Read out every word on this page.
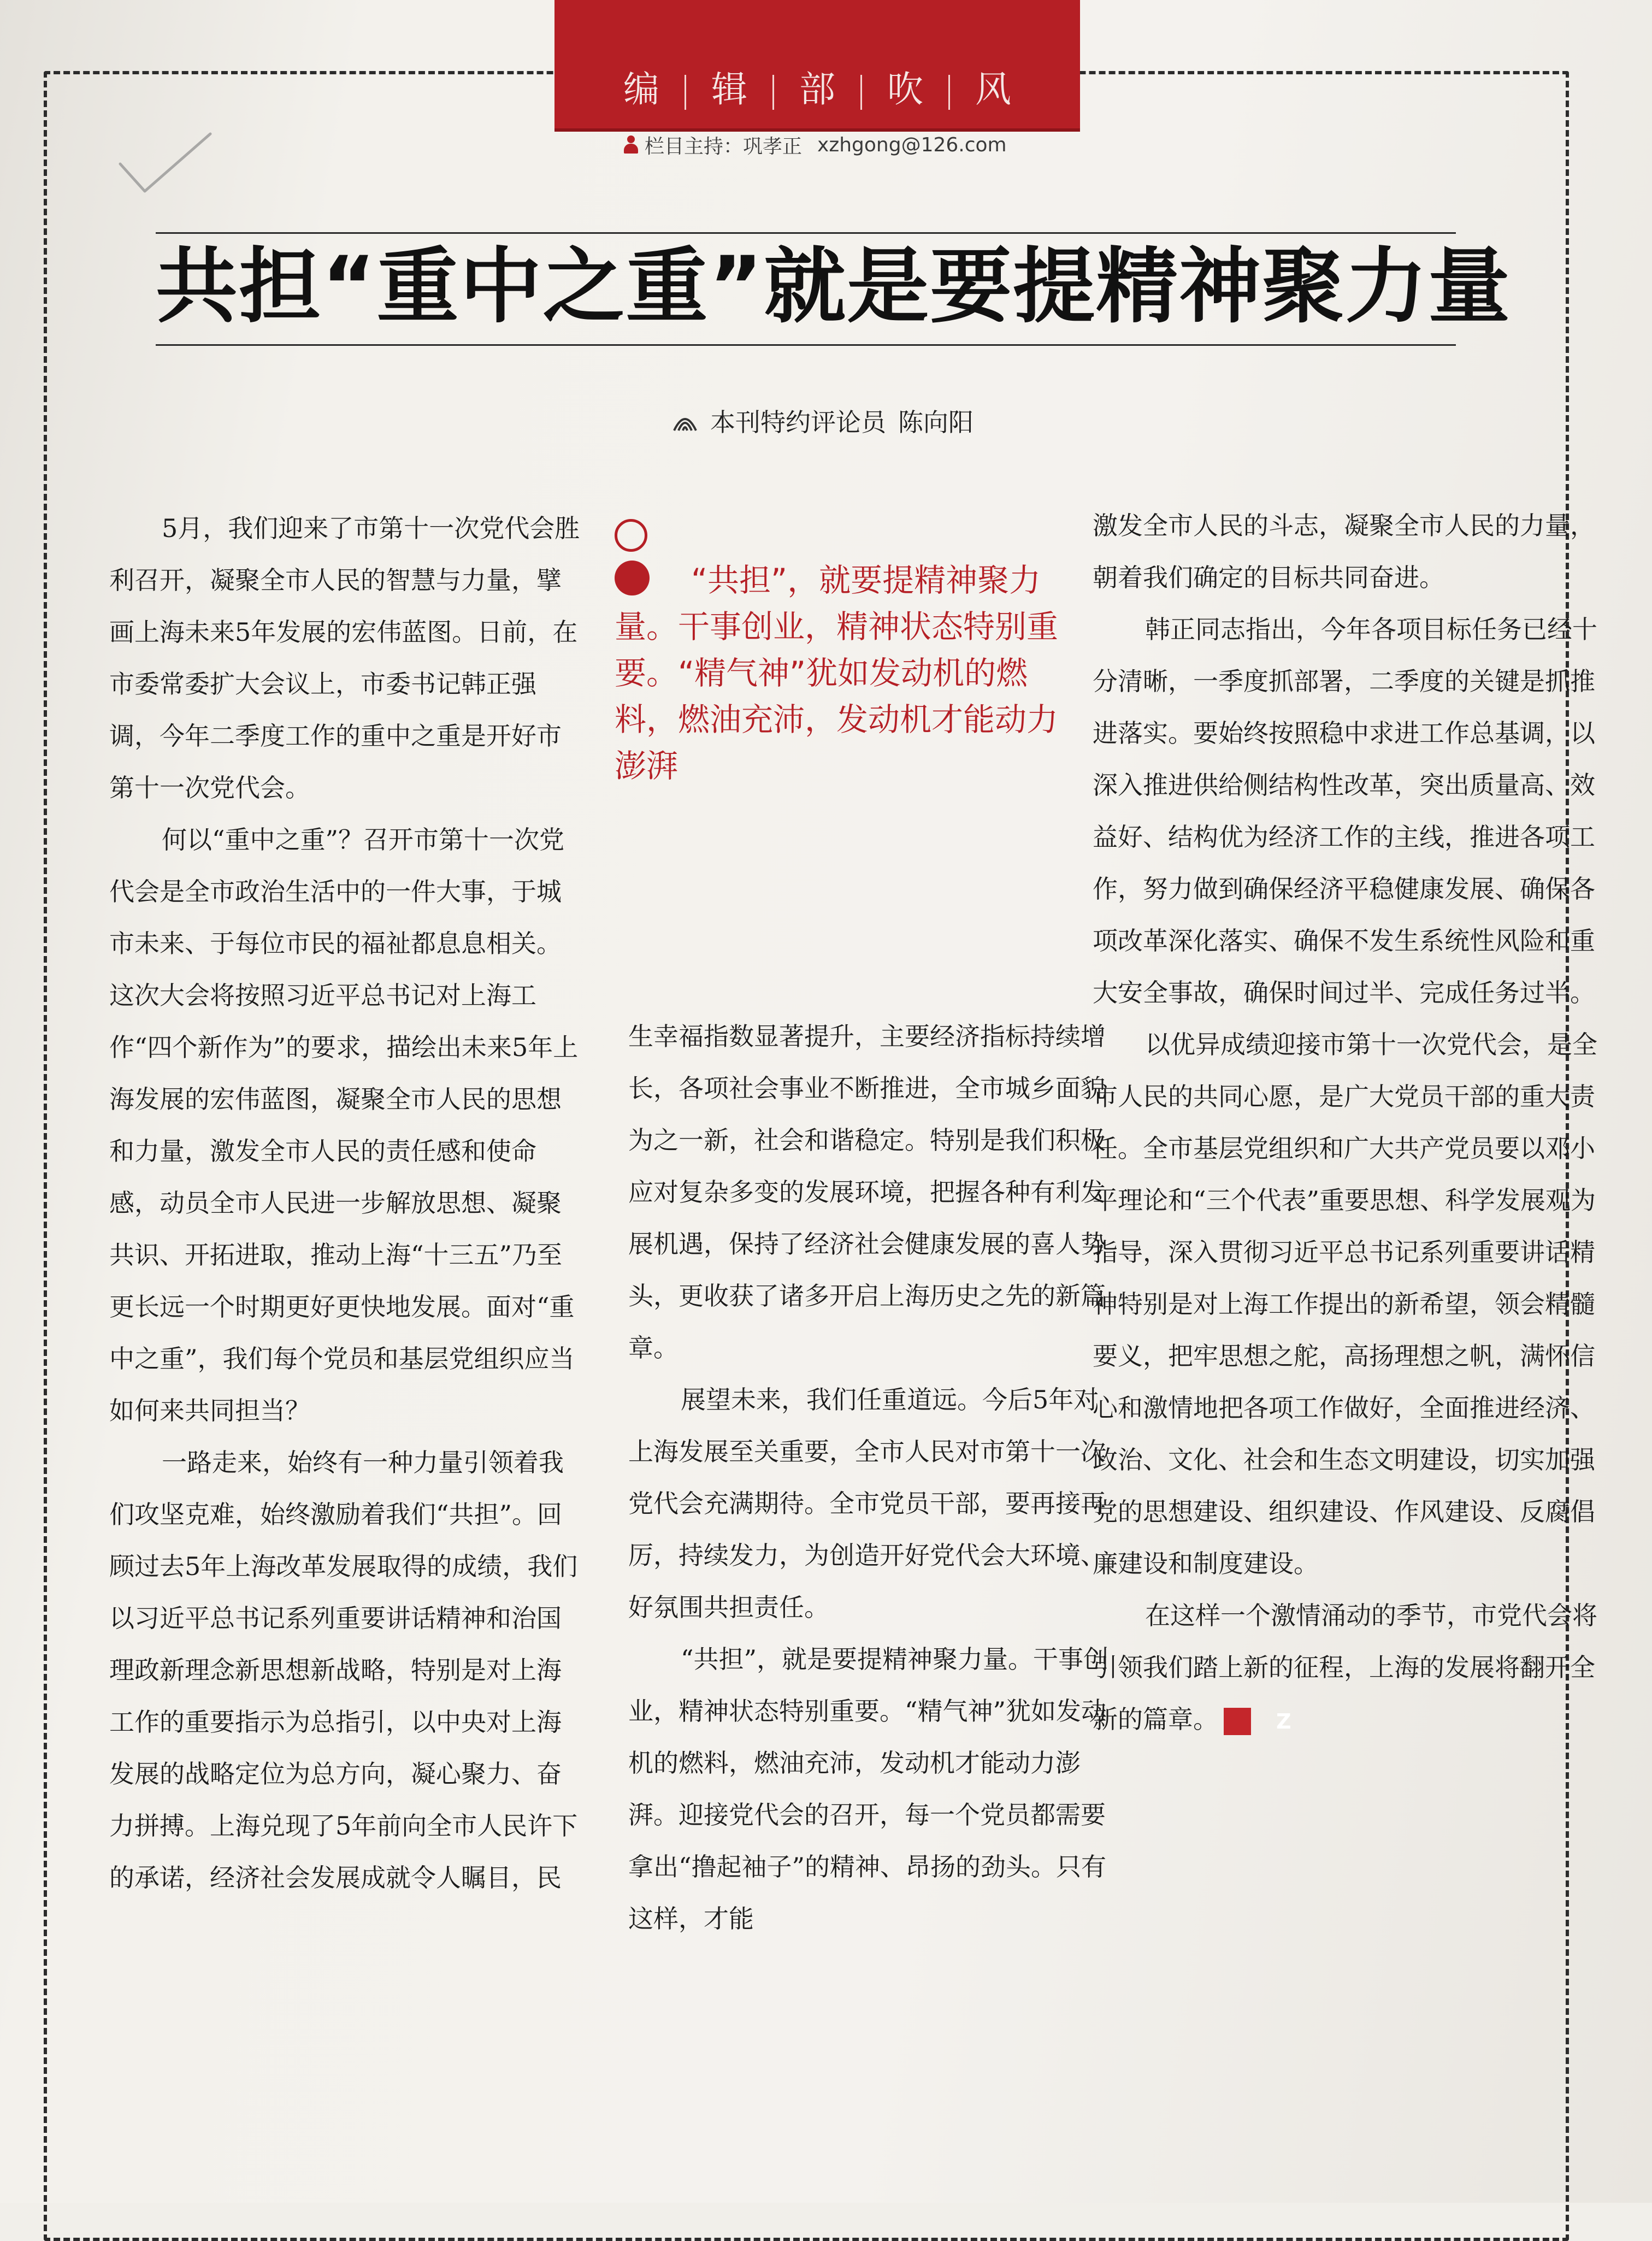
编 辑 部 吹 风
栏目主持：巩孝正 xzhgong@126.com
共担“重中之重”就是要提精神聚力量
本刊特约评论员 陈向阳

5月，我们迎来了市第十一次党代会胜利召开，凝聚全市人民的智慧与力量，擘画上海未来5年发展的宏伟蓝图。日前，在市委常委扩大会议上，市委书记韩正强调，今年二季度工作的重中之重是开好市第十一次党代会。

何以“重中之重”？召开市第十一次党代会是全市政治生活中的一件大事，于城市未来、于每位市民的福祉都息息相关。这次大会将按照习近平总书记对上海工作“四个新作为”的要求，描绘出未来5年上海发展的宏伟蓝图，凝聚全市人民的思想和力量，激发全市人民的责任感和使命感，动员全市人民进一步解放思想、凝聚共识、开拓进取，推动上海“十三五”乃至更长远一个时期更好更快地发展。面对“重中之重”，我们每个党员和基层党组织应当如何来共同担当？

一路走来，始终有一种力量引领着我们攻坚克难，始终激励着我们“共担”。回顾过去5年上海改革发展取得的成绩，我们以习近平总书记系列重要讲话精神和治国理政新理念新思想新战略，特别是对上海工作的重要指示为总指引，以中央对上海发展的战略定位为总方向，凝心聚力、奋力拼搏。上海兑现了5年前向全市人民许下的承诺，经济社会发展成就令人瞩目，民

“共担”，就要提精神聚力量。干事创业，精神状态特别重要。“精气神”犹如发动机的燃料，燃油充沛，发动机才能动力澎湃

生幸福指数显著提升，主要经济指标持续增长，各项社会事业不断推进，全市城乡面貌为之一新，社会和谐稳定。特别是我们积极应对复杂多变的发展环境，把握各种有利发展机遇，保持了经济社会健康发展的喜人势头，更收获了诸多开启上海历史之先的新篇章。

展望未来，我们任重道远。今后5年对上海发展至关重要，全市人民对市第十一次党代会充满期待。全市党员干部，要再接再厉，持续发力，为创造开好党代会大环境、好氛围共担责任。

“共担”，就是要提精神聚力量。干事创业，精神状态特别重要。“精气神”犹如发动机的燃料，燃油充沛，发动机才能动力澎湃。迎接党代会的召开，每一个党员都需要拿出“撸起袖子”的精神、昂扬的劲头。只有这样，才能

激发全市人民的斗志，凝聚全市人民的力量，朝着我们确定的目标共同奋进。

韩正同志指出，今年各项目标任务已经十分清晰，一季度抓部署，二季度的关键是抓推进落实。要始终按照稳中求进工作总基调，以深入推进供给侧结构性改革，突出质量高、效益好、结构优为经济工作的主线，推进各项工作，努力做到确保经济平稳健康发展、确保各项改革深化落实、确保不发生系统性风险和重大安全事故，确保时间过半、完成任务过半。

以优异成绩迎接市第十一次党代会，是全市人民的共同心愿，是广大党员干部的重大责任。全市基层党组织和广大共产党员要以邓小平理论和“三个代表”重要思想、科学发展观为指导，深入贯彻习近平总书记系列重要讲话精神特别是对上海工作提出的新希望，领会精髓要义，把牢思想之舵，高扬理想之帆，满怀信心和激情地把各项工作做好，全面推进经济、政治、文化、社会和生态文明建设，切实加强党的思想建设、组织建设、作风建设、反腐倡廉建设和制度建设。

在这样一个激情涌动的季节，市党代会将引领我们踏上新的征程，上海的发展将翻开全新的篇章。	Z
